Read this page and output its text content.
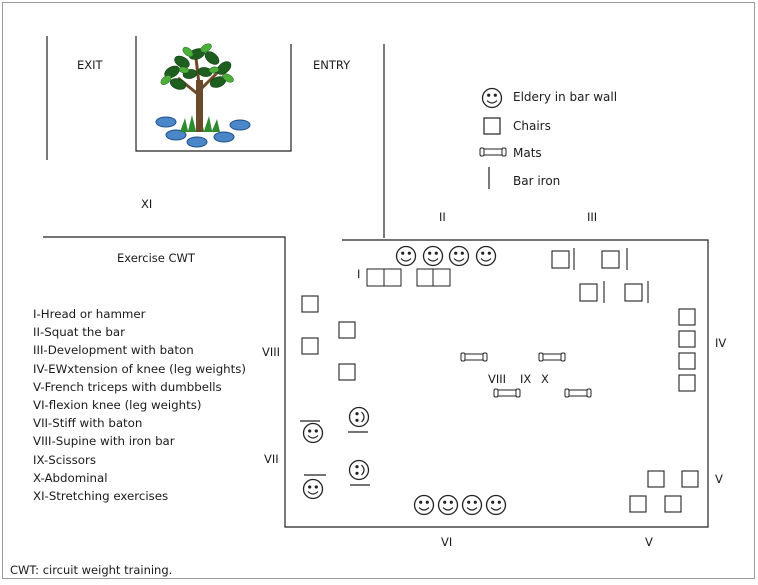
EXIT	ENTRY
XI
Exercise CWT
CWT: circuit weight training.
Eldery in bar wall
Chairs
Mats
Bar iron
II	III
I
VIII
VII
IV
V
VI	V
VIII IX X
I-Hread or hammer
II-Squat the bar
III-Development with baton
IV-EWxtension of knee (leg weights)
V-French triceps with dumbbells
VI-flexion knee (leg weights)
VII-Stiff with baton
VIII-Supine with iron bar
IX-Scissors
X-Abdominal
XI-Stretching exercises
